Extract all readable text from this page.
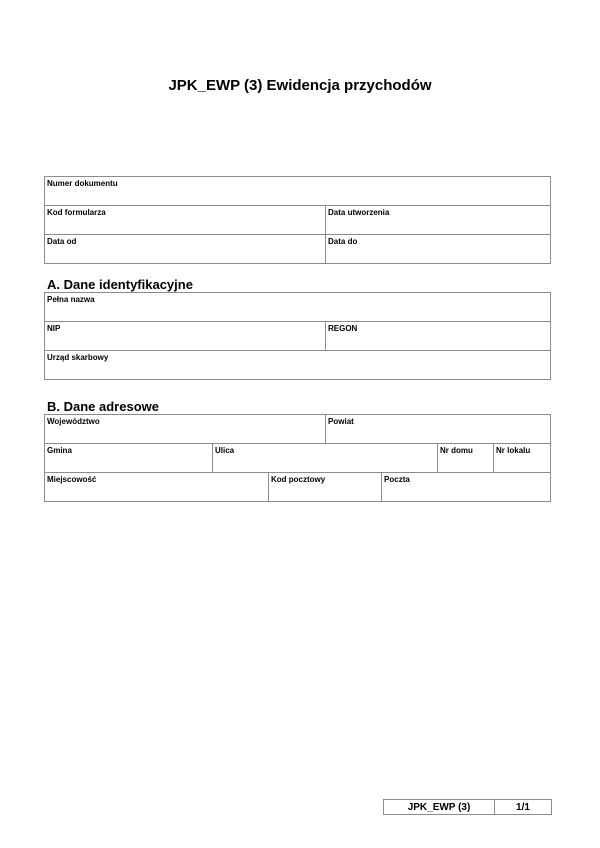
JPK_EWP (3) Ewidencja przychodów
Numer dokumentu	
Kod formularza	Data utworzenia
Data od	Data do
A. Dane identyfikacyjne
Pełna nazwa
NIP	REGON
Urząd skarbowy
B. Dane adresowe
Województwo			Powiat			
Gmina	Ulica				Nr domu	Nr lokalu
Miejscowość		Kod pocztowy		Poczta		
JPK_EWP (3)	1/1
